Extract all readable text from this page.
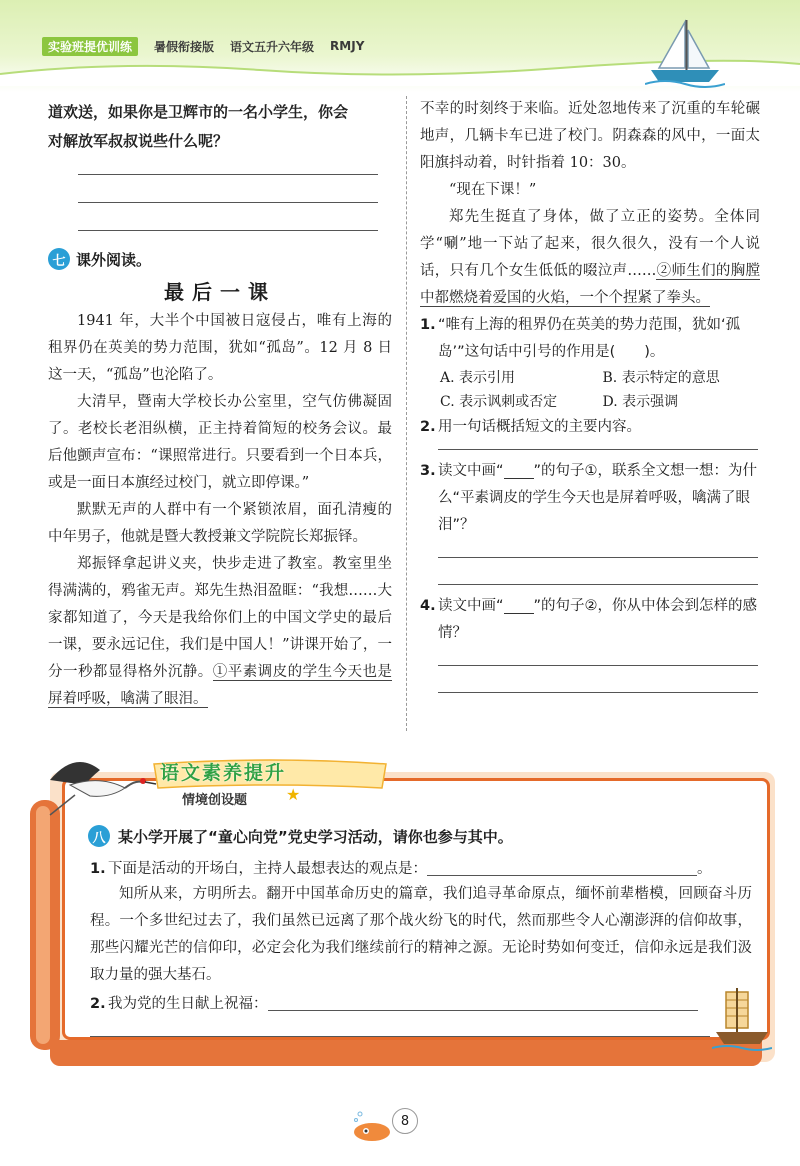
实验班提优训练	暑假衔接版 语文五升六年级 RMJY
道欢送，如果你是卫辉市的一名小学生，你会
对解放军叔叔说些什么呢？
七 课外阅读。
最后一课

1941 年，大半个中国被日寇侵占，唯有上海的租界仍在英美的势力范围，犹如“孤岛”。12 月 8 日这一天，“孤岛”也沦陷了。

大清早，暨南大学校长办公室里，空气仿佛凝固了。老校长老泪纵横，正主持着简短的校务会议。最后他颤声宣布：“课照常进行。只要看到一个日本兵，或是一面日本旗经过校门，就立即停课。”

默默无声的人群中有一个紧锁浓眉，面孔清瘦的中年男子，他就是暨大教授兼文学院院长郑振铎。

郑振铎拿起讲义夹，快步走进了教室。教室里坐得满满的，鸦雀无声。郑先生热泪盈眶：“我想……大家都知道了，今天是我给你们上的中国文学史的最后一课，要永远记住，我们是中国人！”讲课开始了，一分一秒都显得格外沉静。①平素调皮的学生今天也是屏着呼吸，噙满了眼泪。

不幸的时刻终于来临。近处忽地传来了沉重的车轮碾地声，几辆卡车已进了校门。阴森森的风中，一面太阳旗抖动着，时针指着 10：30。

“现在下课！”

郑先生挺直了身体，做了立正的姿势。全体同学“唰”地一下站了起来，很久很久，没有一个人说话，只有几个女生低低的啜泣声……②师生们的胸膛中都燃烧着爱国的火焰，一个个捏紧了拳头。

1. “唯有上海的租界仍在英美的势力范围，犹如‘孤岛’”这句话中引号的作用是(　　)。
A. 表示引用	B. 表示特定的意思
C. 表示讽刺或否定	D. 表示强调
2. 用一句话概括短文的主要内容。
3. 读文中画“ ”的句子①，联系全文想一想：为什么“平素调皮的学生今天也是屏着呼吸，噙满了眼泪”？
4. 读文中画“ ”的句子②，你从中体会到怎样的感情？
语文素养提升
情境创设题 ★
八 某小学开展了“童心向党”党史学习活动，请你也参与其中。
1. 下面是活动的开场白，主持人最想表达的观点是：	。

知所从来，方明所去。翻开中国革命历史的篇章，我们追寻革命原点，缅怀前辈楷模，回顾奋斗历程。一个多世纪过去了，我们虽然已远离了那个战火纷飞的时代，然而那些令人心潮澎湃的信仰故事，那些闪耀光芒的信仰印，必定会化为我们继续前行的精神之源。无论时势如何变迁，信仰永远是我们汲取力量的强大基石。

2. 我为党的生日献上祝福：
8
